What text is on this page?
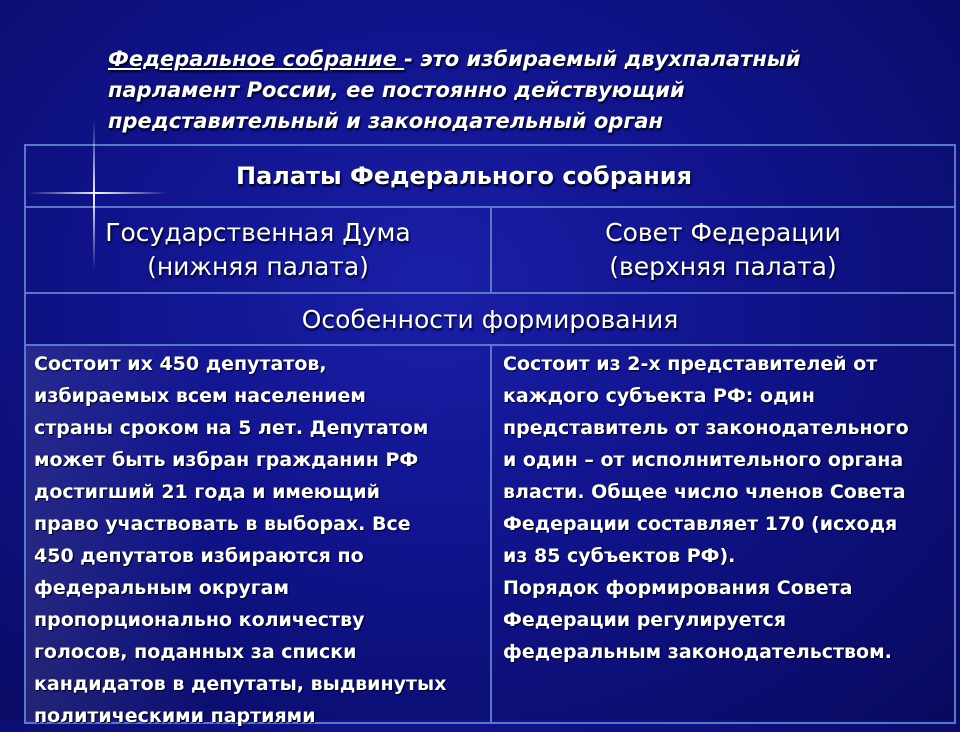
Федеральное собрание - это избираемый двухпалатный
парламент России, ее постоянно действующий
представительный и законодательный орган
Палаты Федерального собрания
Государственная Дума
(нижняя палата)
Совет Федерации
(верхняя палата)
Особенности формирования

Состоит их 450 депутатов,
избираемых всем населением
страны сроком на 5 лет. Депутатом
может быть избран гражданин РФ
достигший 21 года и имеющий
право участвовать в выборах. Все
450 депутатов избираются по
федеральным округам
пропорционально количеству
голосов, поданных за списки
кандидатов в депутаты, выдвинутых
политическими партиями

Состоит из 2-х представителей от
каждого субъекта РФ: один
представитель от законодательного
и один – от исполнительного органа
власти. Общее число членов Совета
Федерации составляет 170 (исходя
из 85 субъектов РФ).
Порядок формирования Совета
Федерации регулируется
федеральным законодательством.
